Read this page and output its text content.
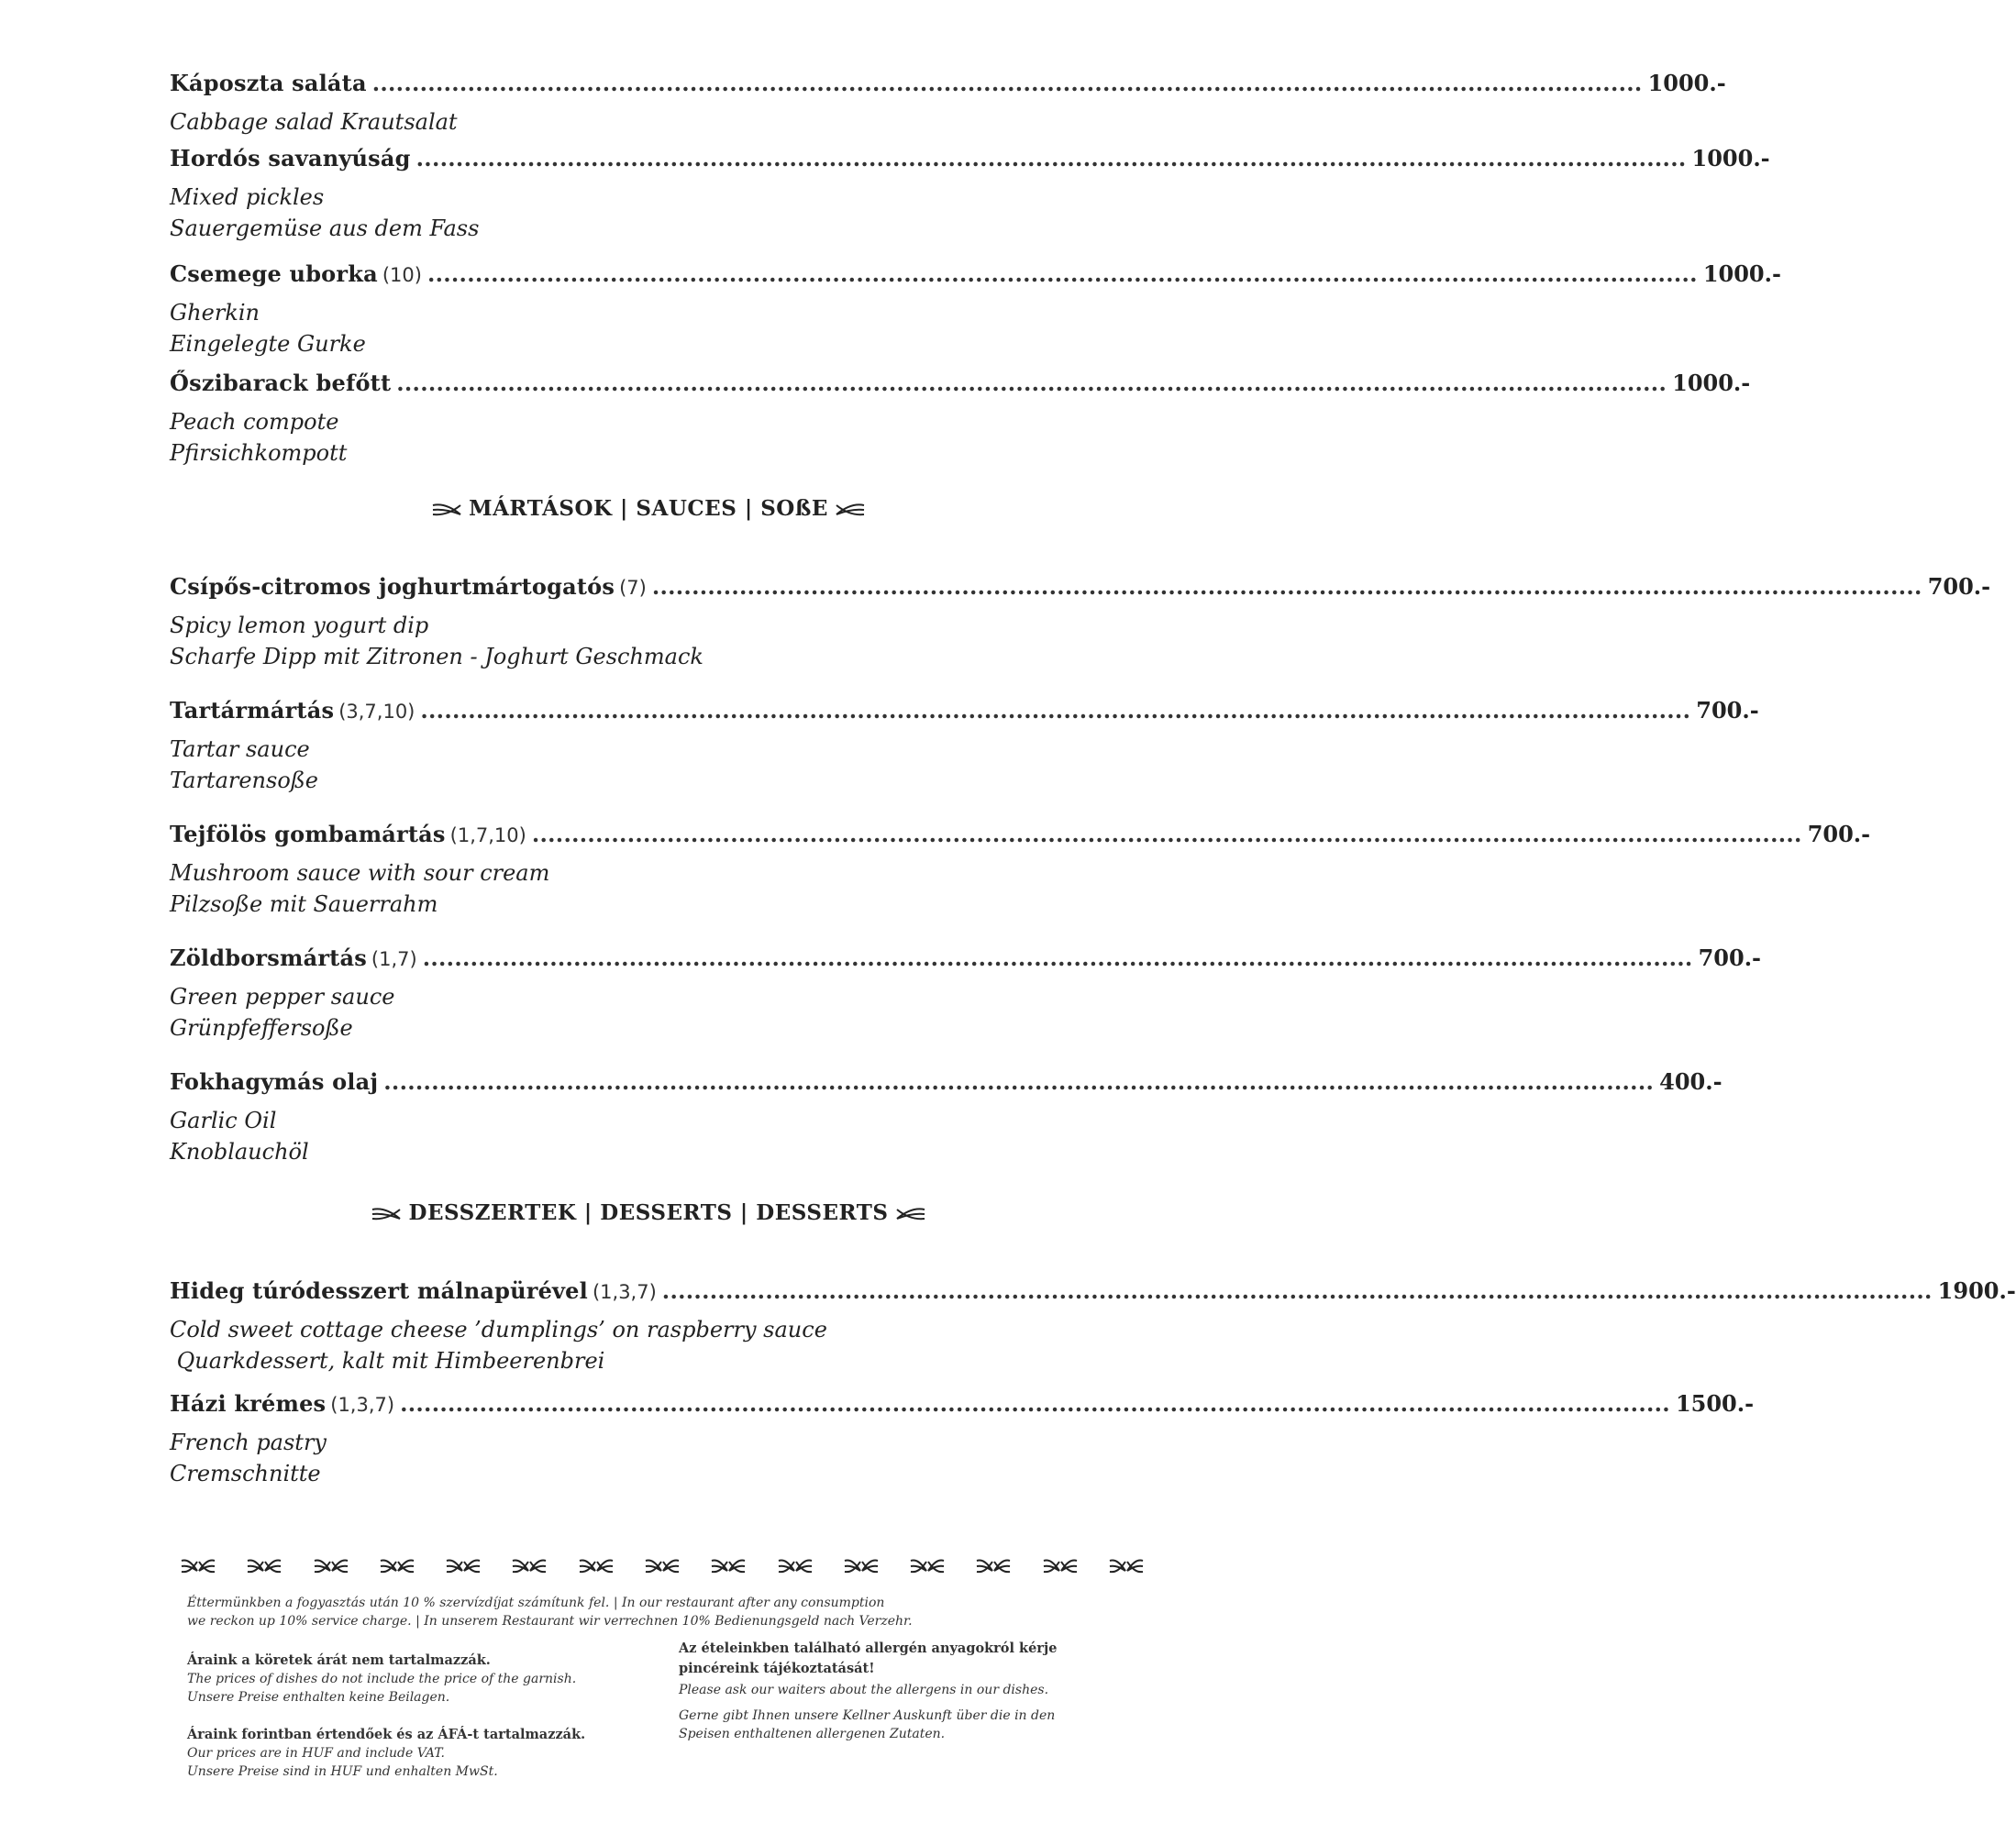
Káposzta saláta ................................................................................................................................................................ 1000.-
Cabbage salad Krautsalat
Hordós savanyúság ................................................................................................................................................................ 1000.-
Mixed pickles
Sauergemüse aus dem Fass
Csemege uborka (10) ................................................................................................................................................................ 1000.-
Gherkin
Eingelegte Gurke
Őszibarack befőtt ................................................................................................................................................................ 1000.-
Peach compote
Pfirsichkompott
MÁRTÁSOK | SAUCES | SOßE
Csípős-citromos joghurtmártogatós (7) ................................................................................................................................................................ 700.-
Spicy lemon yogurt dip
Scharfe Dipp mit Zitronen - Joghurt Geschmack
Tartármártás (3,7,10) ................................................................................................................................................................ 700.-
Tartar sauce
Tartarensoße
Tejfölös gombamártás (1,7,10) ................................................................................................................................................................ 700.-
Mushroom sauce with sour cream
Pilzsoße mit Sauerrahm
Zöldborsmártás (1,7) ................................................................................................................................................................ 700.-
Green pepper sauce
Grünpfeffersoße
Fokhagymás olaj ................................................................................................................................................................ 400.-
Garlic Oil
Knoblauchöl
DESSZERTEK | DESSERTS | DESSERTS
Hideg túródesszert málnapürével (1,3,7) ................................................................................................................................................................ 1900.-
Cold sweet cottage cheese ’dumplings’ on raspberry sauce
Quarkdessert, kalt mit Himbeerenbrei
Házi krémes (1,3,7) ................................................................................................................................................................ 1500.-
French pastry
Cremschnitte
Éttermünkben a fogyasztás után 10 % szervízdíjat számítunk fel. | In our restaurant after any consumption
we reckon up 10% service charge. | In unserem Restaurant wir verrechnen 10% Bedienungsgeld nach Verzehr.
Áraink a köretek árát nem tartalmazzák.
The prices of dishes do not include the price of the garnish.
Unsere Preise enthalten keine Beilagen.
Áraink forintban értendőek és az ÁFÁ-t tartalmazzák.
Our prices are in HUF and include VAT.
Unsere Preise sind in HUF und enhalten MwSt.
Az ételeinkben található allergén anyagokról kérje
pincéreink tájékoztatását!
Please ask our waiters about the allergens in our dishes.
Gerne gibt Ihnen unsere Kellner Auskunft über die in den
Speisen enthaltenen allergenen Zutaten.
